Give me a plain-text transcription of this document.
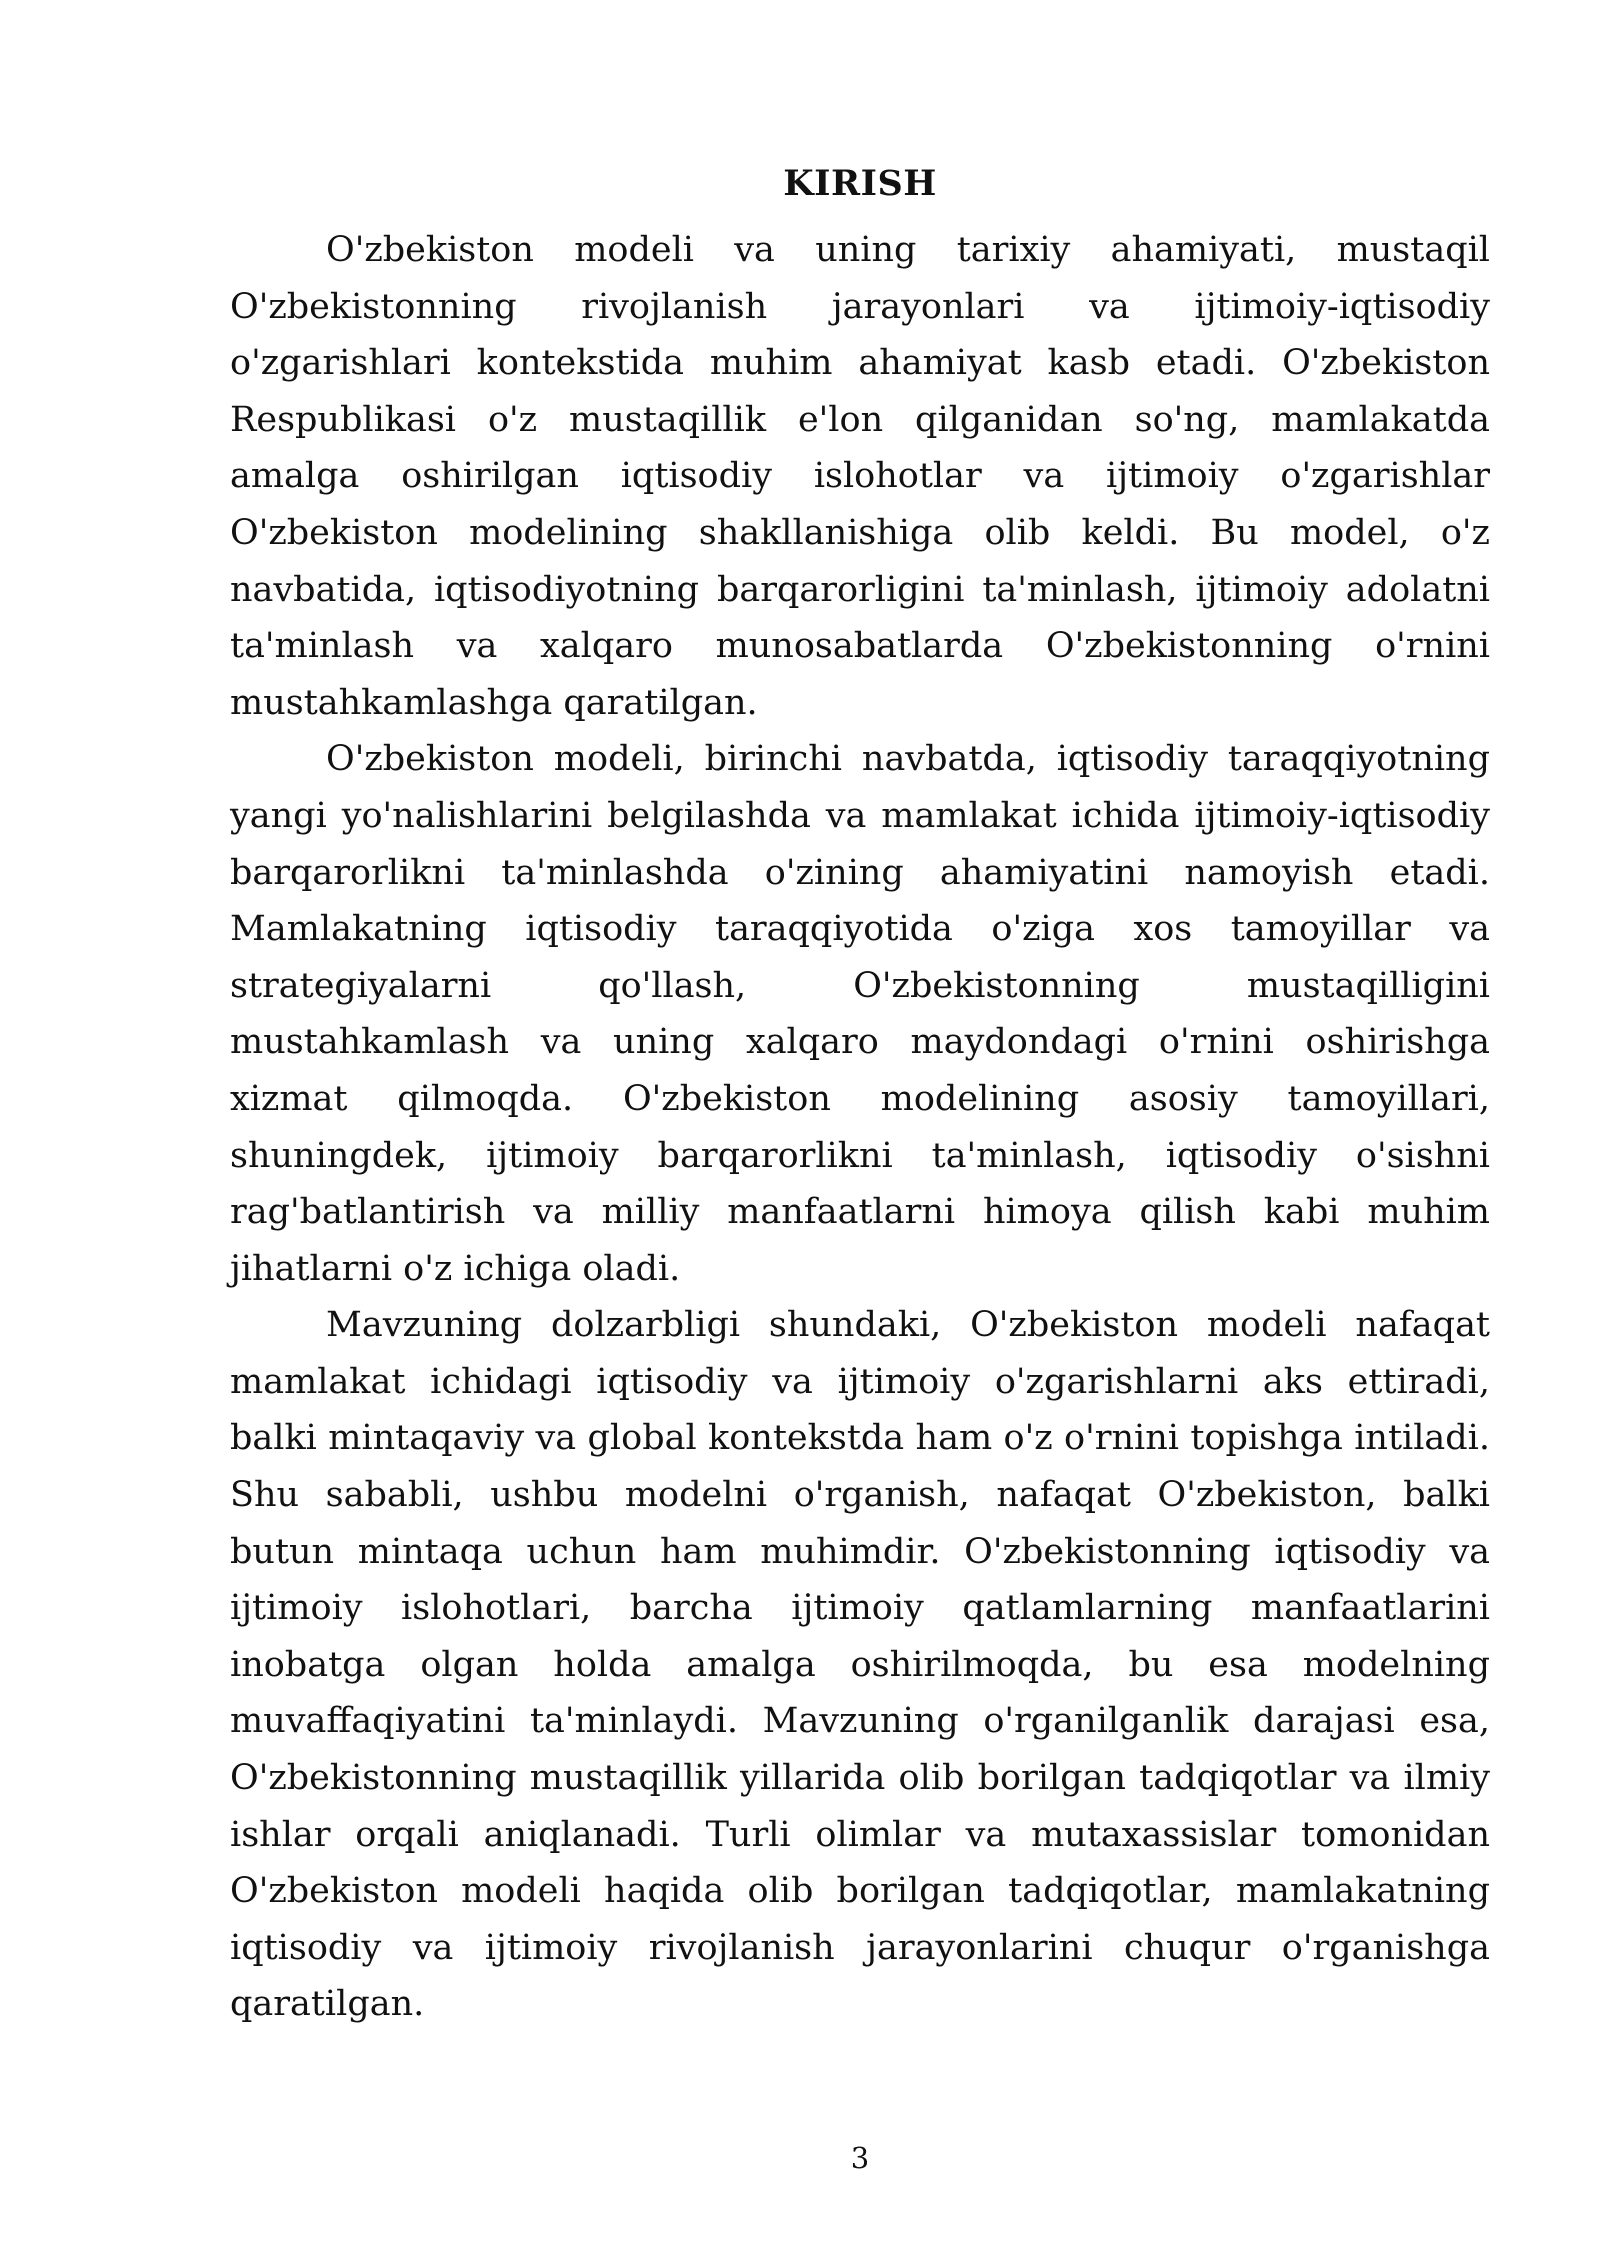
KIRISH

O'zbekiston modeli va uning tarixiy ahamiyati, mustaqil O'zbekistonning rivojlanish jarayonlari va ijtimoiy-iqtisodiy o'zgarishlari kontekstida muhim ahamiyat kasb etadi. O'zbekiston Respublikasi o'z mustaqillik e'lon qilganidan so'ng, mamlakatda amalga oshirilgan iqtisodiy islohotlar va ijtimoiy o'zgarishlar O'zbekiston modelining shakllanishiga olib keldi. Bu model, o'z navbatida, iqtisodiyotning barqarorligini ta'minlash, ijtimoiy adolatni ta'minlash va xalqaro munosabatlarda O'zbekistonning o'rnini mustahkamlashga qaratilgan.

O'zbekiston modeli, birinchi navbatda, iqtisodiy taraqqiyotning yangi yo'nalishlarini belgilashda va mamlakat ichida ijtimoiy-iqtisodiy barqarorlikni ta'minlashda o'zining ahamiyatini namoyish etadi. Mamlakatning iqtisodiy taraqqiyotida o'ziga xos tamoyillar va strategiyalarni qo'llash, O'zbekistonning mustaqilligini mustahkamlash va uning xalqaro maydondagi o'rnini oshirishga xizmat qilmoqda. O'zbekiston modelining asosiy tamoyillari, shuningdek, ijtimoiy barqarorlikni ta'minlash, iqtisodiy o'sishni rag'batlantirish va milliy manfaatlarni himoya qilish kabi muhim jihatlarni o'z ichiga oladi.

Mavzuning dolzarbligi shundaki, O'zbekiston modeli nafaqat mamlakat ichidagi iqtisodiy va ijtimoiy o'zgarishlarni aks ettiradi, balki mintaqaviy va global kontekstda ham o'z o'rnini topishga intiladi. Shu sababli, ushbu modelni o'rganish, nafaqat O'zbekiston, balki butun mintaqa uchun ham muhimdir. O'zbekistonning iqtisodiy va ijtimoiy islohotlari, barcha ijtimoiy qatlamlarning manfaatlarini inobatga olgan holda amalga oshirilmoqda, bu esa modelning muvaffaqiyatini ta'minlaydi. Mavzuning o'rganilganlik darajasi esa, O'zbekistonning mustaqillik yillarida olib borilgan tadqiqotlar va ilmiy ishlar orqali aniqlanadi. Turli olimlar va mutaxassislar tomonidan O'zbekiston modeli haqida olib borilgan tadqiqotlar, mamlakatning iqtisodiy va ijtimoiy rivojlanish jarayonlarini chuqur o'rganishga qaratilgan.

3
